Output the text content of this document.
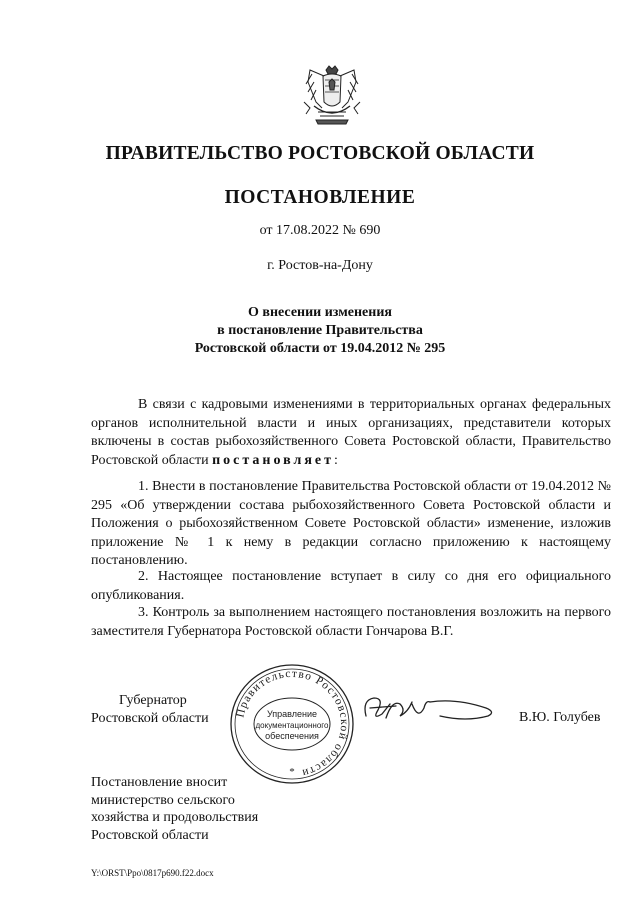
ПРАВИТЕЛЬСТВО РОСТОВСКОЙ ОБЛАСТИ
ПОСТАНОВЛЕНИЕ
от 17.08.2022 № 690
г. Ростов-на-Дону
О внесении изменения
в постановление Правительства
Ростовской области от 19.04.2012 № 295
В связи с кадровыми изменениями в территориальных органах федеральных органов исполнительной власти и иных организациях, представители которых включены в состав рыбохозяйственного Совета Ростовской области, Правительство Ростовской области постановляет:
1. Внести в постановление Правительства Ростовской области от 19.04.2012 № 295 «Об утверждении состава рыбохозяйственного Совета Ростовской области и Положения о рыбохозяйственном Совете Ростовской области» изменение, изложив приложение № 1 к нему в редакции согласно приложению к настоящему постановлению.
2. Настоящее постановление вступает в силу со дня его официального опубликования.
3. Контроль за выполнением настоящего постановления возложить на первого заместителя Губернатора Ростовской области Гончарова В.Г.
Губернатор
Ростовской области Правительство Ростовской области
Управление
документационного
обеспечения
*
В.Ю. Голубев
Постановление вносит
министерство сельского
хозяйства и продовольствия
Ростовской области
Y:\ORST\Ppo\0817p690.f22.docx
